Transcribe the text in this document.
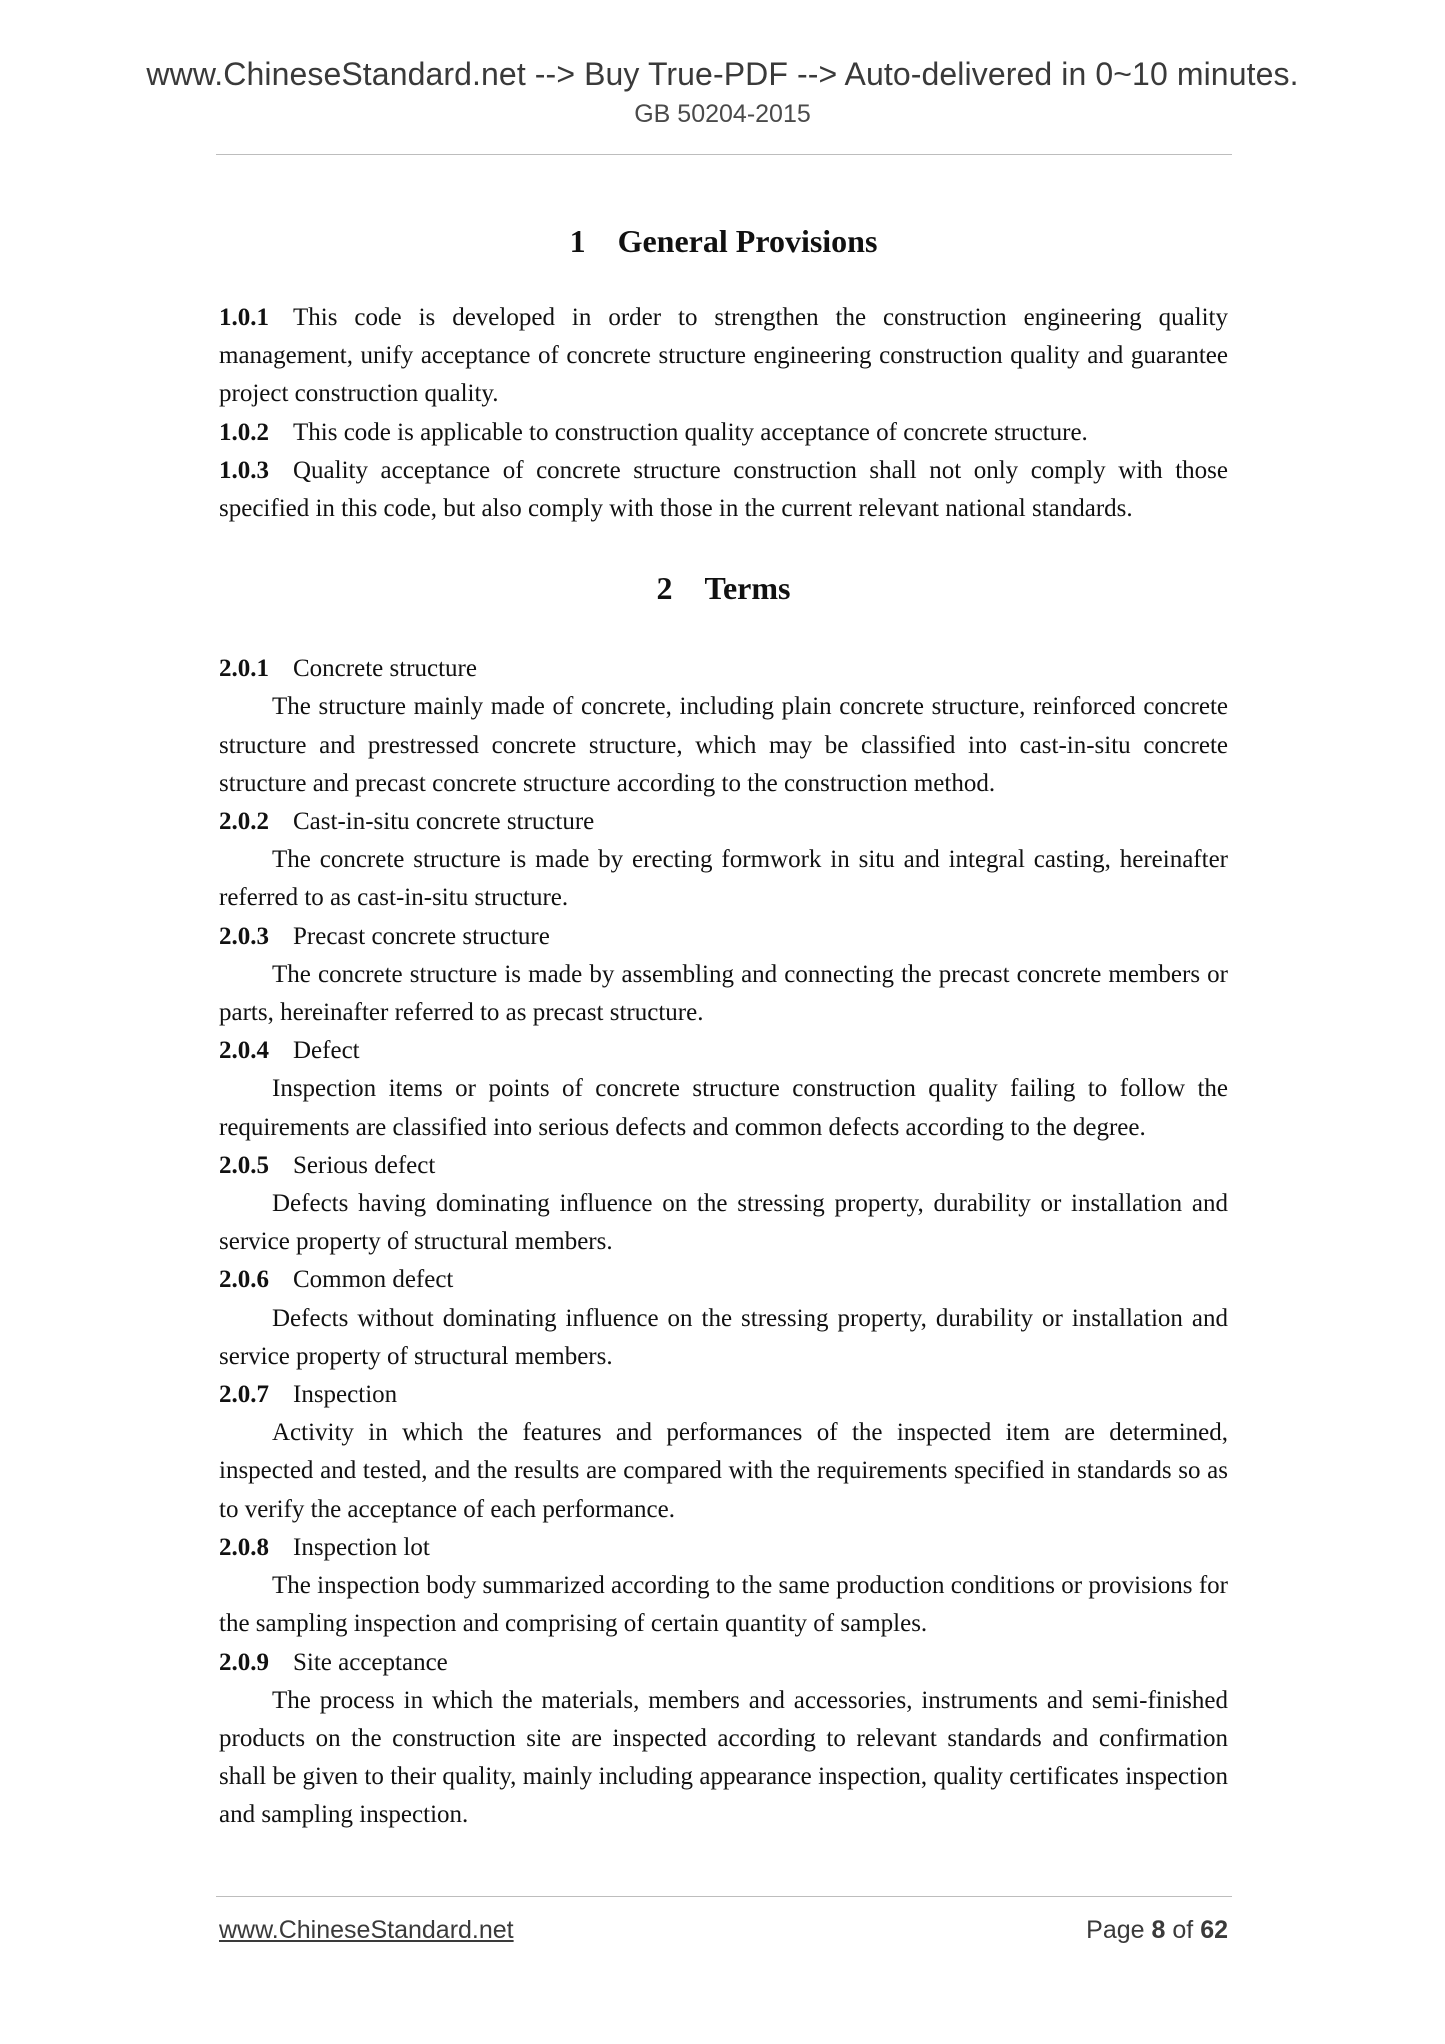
www.ChineseStandard.net --> Buy True-PDF --> Auto-delivered in 0~10 minutes.
GB 50204-2015
1 General Provisions

1.0.1 This code is developed in order to strengthen the construction engineering quality management, unify acceptance of concrete structure engineering construction quality and guarantee project construction quality.

1.0.2 This code is applicable to construction quality acceptance of concrete structure.

1.0.3 Quality acceptance of concrete structure construction shall not only comply with those specified in this code, but also comply with those in the current relevant national standards.

2 Terms

2.0.1 Concrete structure

The structure mainly made of concrete, including plain concrete structure, reinforced concrete structure and prestressed concrete structure, which may be classified into cast-in-situ concrete structure and precast concrete structure according to the construction method.

2.0.2 Cast-in-situ concrete structure

The concrete structure is made by erecting formwork in situ and integral casting, hereinafter referred to as cast-in-situ structure.

2.0.3 Precast concrete structure

The concrete structure is made by assembling and connecting the precast concrete members or parts, hereinafter referred to as precast structure.

2.0.4 Defect

Inspection items or points of concrete structure construction quality failing to follow the requirements are classified into serious defects and common defects according to the degree.

2.0.5 Serious defect

Defects having dominating influence on the stressing property, durability or installation and service property of structural members.

2.0.6 Common defect

Defects without dominating influence on the stressing property, durability or installation and service property of structural members.

2.0.7 Inspection

Activity in which the features and performances of the inspected item are determined, inspected and tested, and the results are compared with the requirements specified in standards so as to verify the acceptance of each performance.

2.0.8 Inspection lot

The inspection body summarized according to the same production conditions or provisions for the sampling inspection and comprising of certain quantity of samples.

2.0.9 Site acceptance

The process in which the materials, members and accessories, instruments and semi-finished products on the construction site are inspected according to relevant standards and confirmation shall be given to their quality, mainly including appearance inspection, quality certificates inspection and sampling inspection.

www.ChineseStandard.net	Page 8 of 62
